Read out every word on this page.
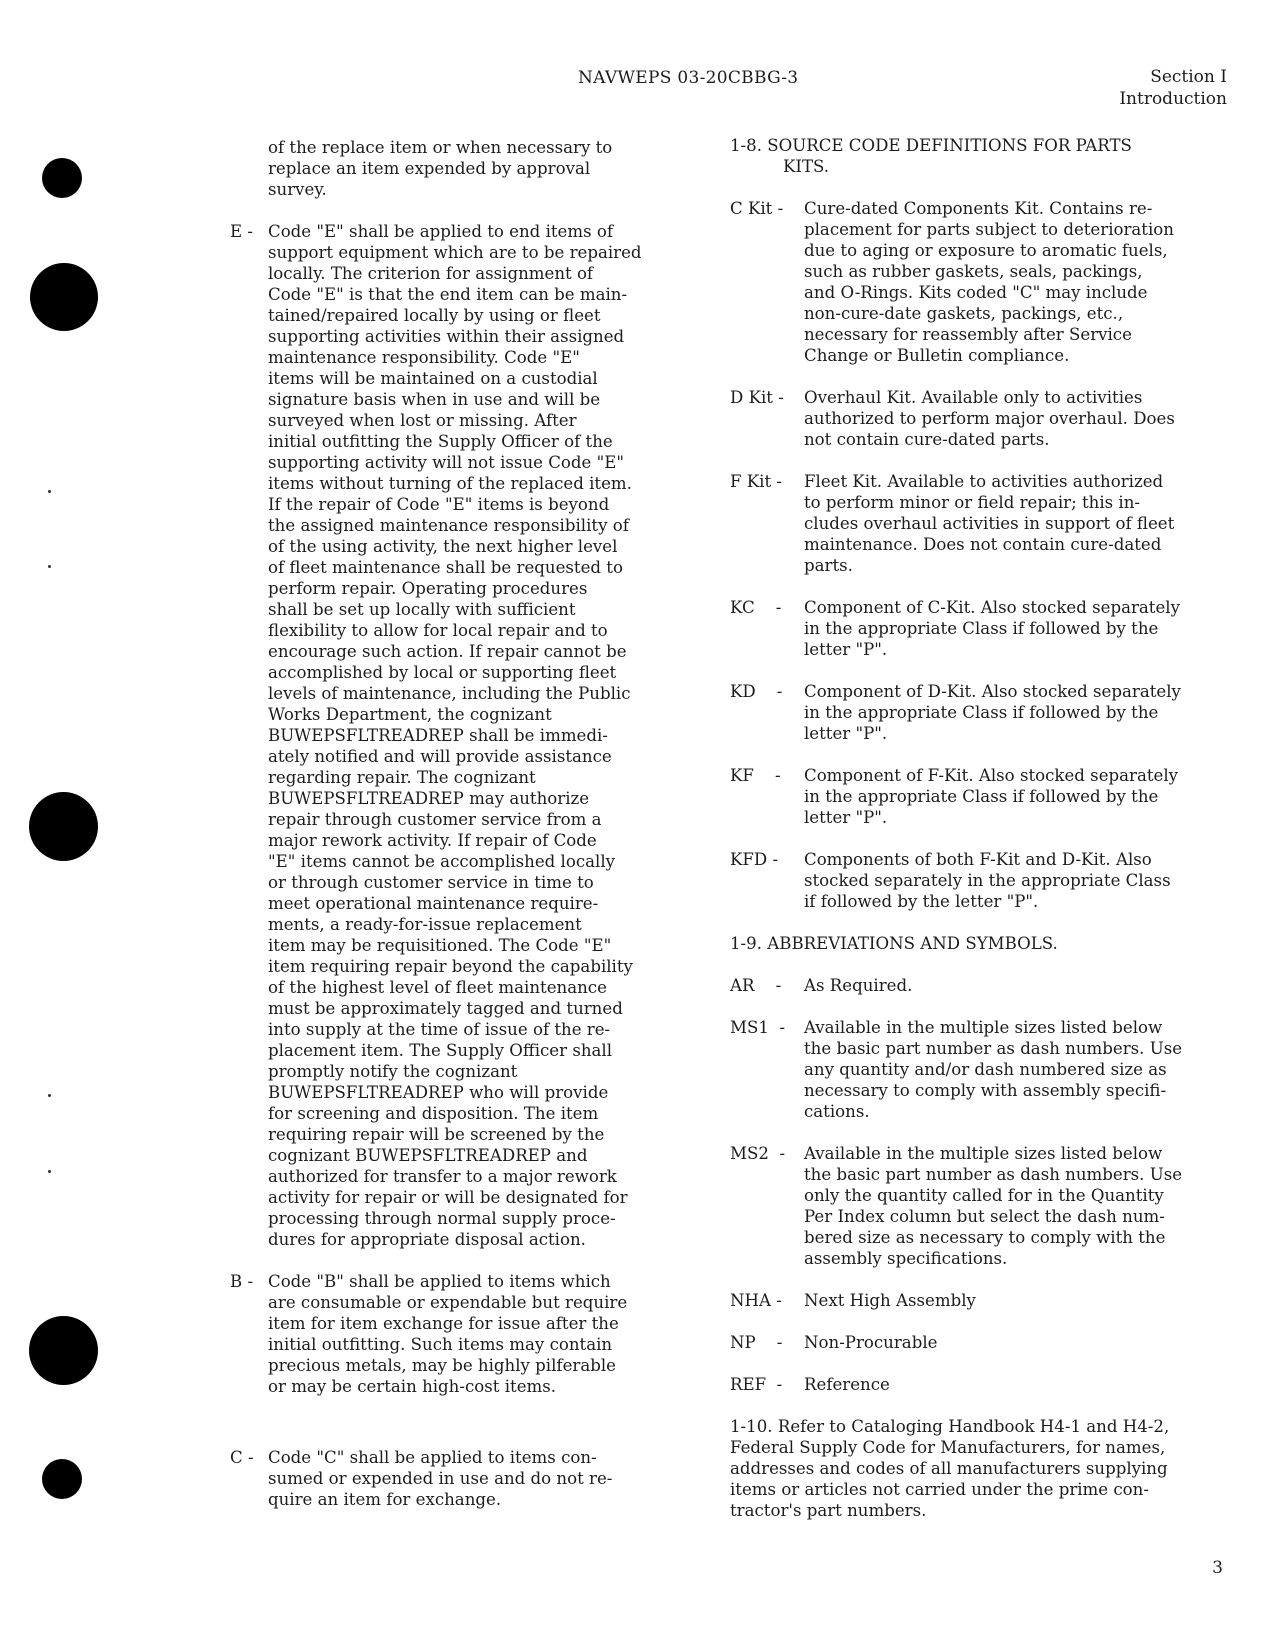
NAVWEPS 03-20CBBG-3	Section I
Introduction
of the replace item or when necessary to
replace an item expended by approval
survey.
E - Code "E" shall be applied to end items of
support equipment which are to be repaired
locally. The criterion for assignment of
Code "E" is that the end item can be main-
tained/repaired locally by using or fleet
supporting activities within their assigned
maintenance responsibility. Code "E"
items will be maintained on a custodial
signature basis when in use and will be
surveyed when lost or missing. After
initial outfitting the Supply Officer of the
supporting activity will not issue Code "E"
items without turning of the replaced item.
If the repair of Code "E" items is beyond
the assigned maintenance responsibility of
of the using activity, the next higher level
of fleet maintenance shall be requested to
perform repair. Operating procedures
shall be set up locally with sufficient
flexibility to allow for local repair and to
encourage such action. If repair cannot be
accomplished by local or supporting fleet
levels of maintenance, including the Public
Works Department, the cognizant
BUWEPSFLTREADREP shall be immedi-
ately notified and will provide assistance
regarding repair. The cognizant
BUWEPSFLTREADREP may authorize
repair through customer service from a
major rework activity. If repair of Code
"E" items cannot be accomplished locally
or through customer service in time to
meet operational maintenance require-
ments, a ready-for-issue replacement
item may be requisitioned. The Code "E"
item requiring repair beyond the capability
of the highest level of fleet maintenance
must be approximately tagged and turned
into supply at the time of issue of the re-
placement item. The Supply Officer shall
promptly notify the cognizant
BUWEPSFLTREADREP who will provide
for screening and disposition. The item
requiring repair will be screened by the
cognizant BUWEPSFLTREADREP and
authorized for transfer to a major rework
activity for repair or will be designated for
processing through normal supply proce-
dures for appropriate disposal action.
B - Code "B" shall be applied to items which
are consumable or expendable but require
item for item exchange for issue after the
initial outfitting. Such items may contain
precious metals, may be highly pilferable
or may be certain high-cost items.
C - Code "C" shall be applied to items con-
sumed or expended in use and do not re-
quire an item for exchange.
1-8. SOURCE CODE DEFINITIONS FOR PARTS
KITS.
C Kit -	Cure-dated Components Kit. Contains re-
placement for parts subject to deterioration
due to aging or exposure to aromatic fuels,
such as rubber gaskets, seals, packings,
and O-Rings. Kits coded "C" may include
non-cure-date gaskets, packings, etc.,
necessary for reassembly after Service
Change or Bulletin compliance.
D Kit -	Overhaul Kit. Available only to activities
authorized to perform major overhaul. Does
not contain cure-dated parts.
F Kit -	Fleet Kit. Available to activities authorized
to perform minor or field repair; this in-
cludes overhaul activities in support of fleet
maintenance. Does not contain cure-dated
parts.
KC    -	Component of C-Kit. Also stocked separately
in the appropriate Class if followed by the
letter "P".
KD    -	Component of D-Kit. Also stocked separately
in the appropriate Class if followed by the
letter "P".
KF    -	Component of F-Kit. Also stocked separately
in the appropriate Class if followed by the
letter "P".
KFD -	Components of both F-Kit and D-Kit. Also
stocked separately in the appropriate Class
if followed by the letter "P".
1-9. ABBREVIATIONS AND SYMBOLS.
AR    -	As Required.
MS1  -	Available in the multiple sizes listed below
the basic part number as dash numbers. Use
any quantity and/or dash numbered size as
necessary to comply with assembly specifi-
cations.
MS2  -	Available in the multiple sizes listed below
the basic part number as dash numbers. Use
only the quantity called for in the Quantity
Per Index column but select the dash num-
bered size as necessary to comply with the
assembly specifications.
NHA -	Next High Assembly
NP    -	Non-Procurable
REF  -	Reference
1-10. Refer to Cataloging Handbook H4-1 and H4-2,
Federal Supply Code for Manufacturers, for names,
addresses and codes of all manufacturers supplying
items or articles not carried under the prime con-
tractor's part numbers.
3
